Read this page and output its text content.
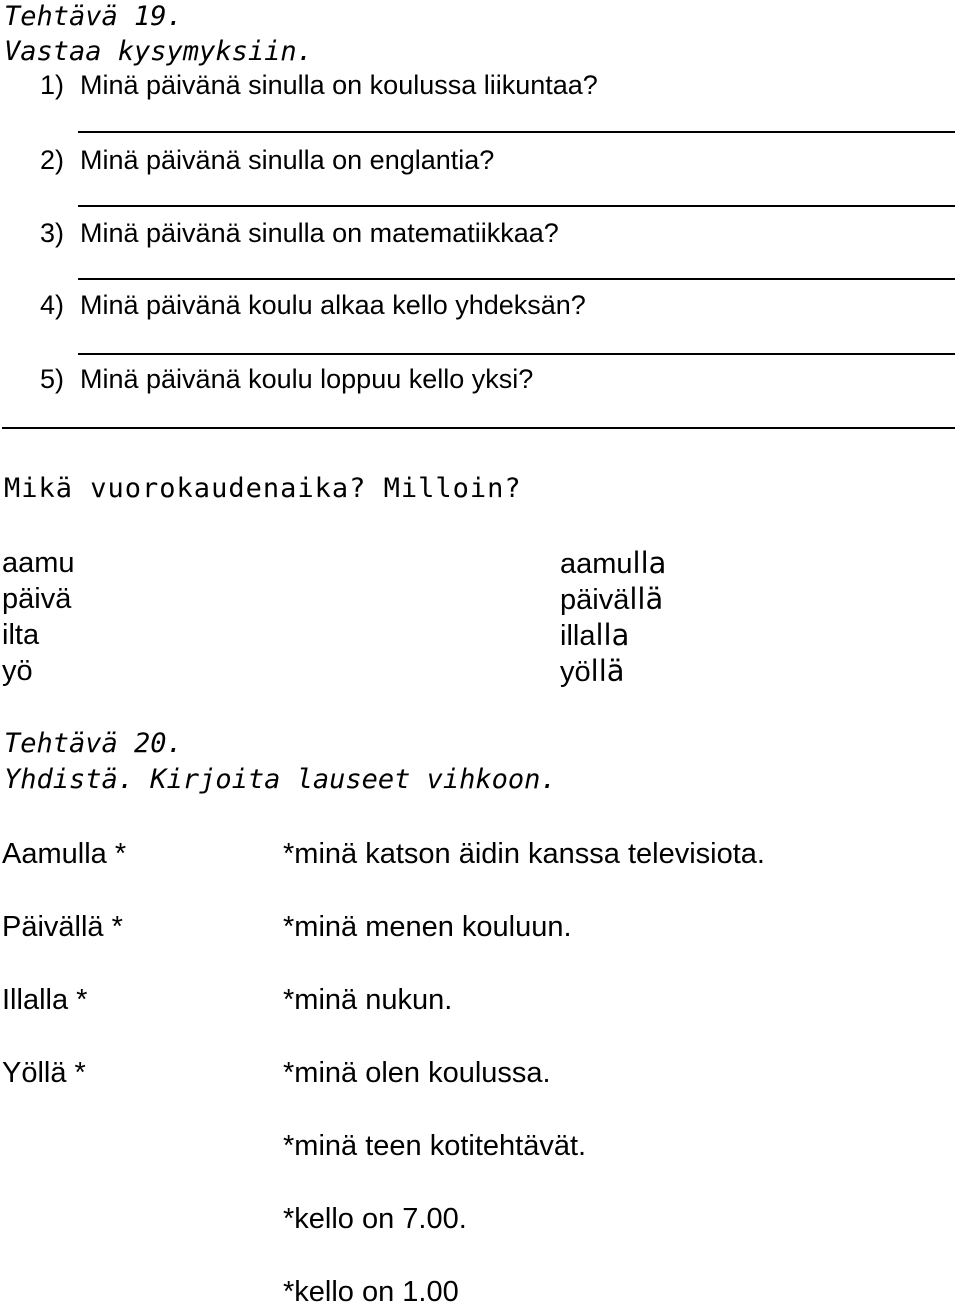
Tehtävä 19.
Vastaa kysymyksiin.
1) Minä päivänä sinulla on koulussa liikuntaa?
2) Minä päivänä sinulla on englantia?
3) Minä päivänä sinulla on matematiikkaa?
4) Minä päivänä koulu alkaa kello yhdeksän?
5) Minä päivänä koulu loppuu kello yksi?
Mikä vuorokaudenaika? Milloin?
aamu
päivä
ilta
yö
aamulla
päivällä
illalla
yöllä
Tehtävä 20.
Yhdistä. Kirjoita lauseet vihkoon.
Aamulla *
Päivällä *
Illalla *
Yöllä *
*minä katson äidin kanssa televisiota.
*minä menen kouluun.
*minä nukun.
*minä olen koulussa.
*minä teen kotitehtävät.
*kello on 7.00.
*kello on 1.00
